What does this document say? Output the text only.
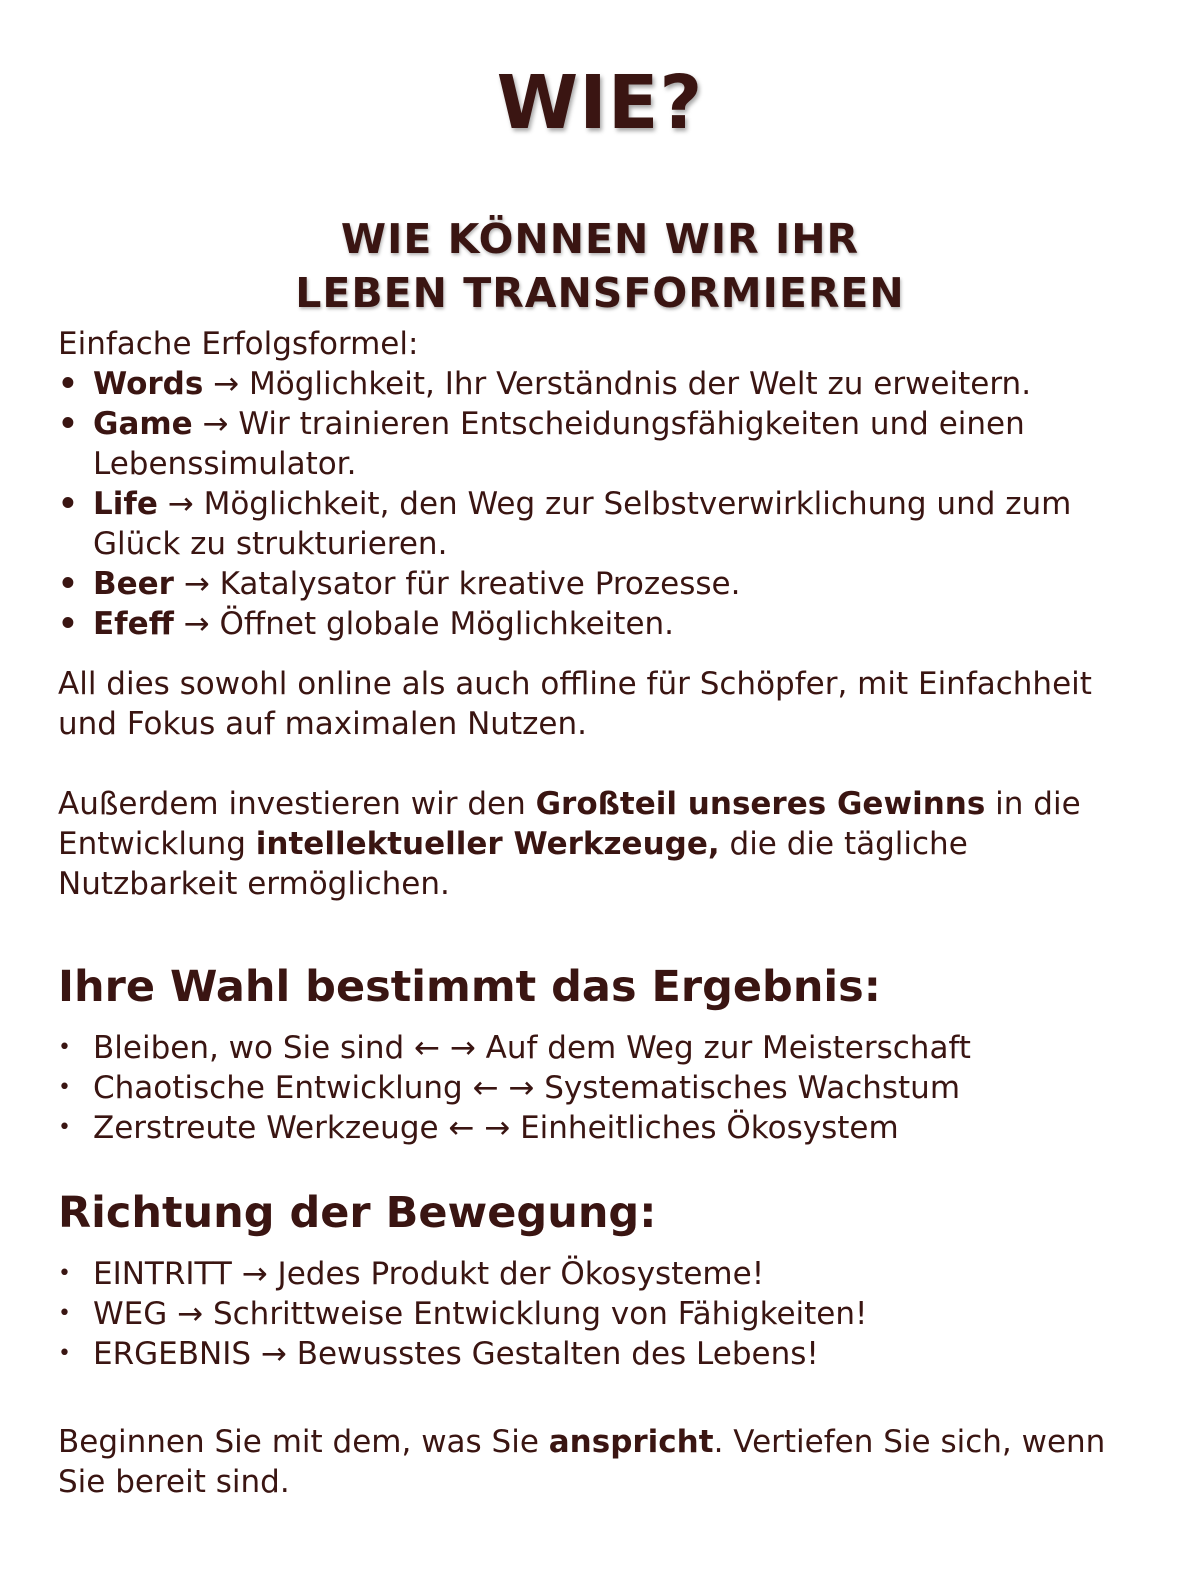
WIE?
WIE KÖNNEN WIR IHR
LEBEN TRANSFORMIEREN

Einfache Erfolgsformel:

• Words → Möglichkeit, Ihr Verständnis der Welt zu erweitern.
• Game → Wir trainieren Entscheidungsfähigkeiten und einen Lebenssimulator.
• Life → Möglichkeit, den Weg zur Selbstverwirklichung und zum Glück zu strukturieren.
• Beer → Katalysator für kreative Prozesse.
• Efeff → Öffnet globale Möglichkeiten.

All dies sowohl online als auch offline für Schöpfer, mit Einfachheit und Fokus auf maximalen Nutzen.

Außerdem investieren wir den Großteil unseres Gewinns in die Entwicklung intellektueller Werkzeuge, die die tägliche Nutzbarkeit ermöglichen.

Ihre Wahl bestimmt das Ergebnis:
• Bleiben, wo Sie sind ← → Auf dem Weg zur Meisterschaft
• Chaotische Entwicklung ← → Systematisches Wachstum
• Zerstreute Werkzeuge ← → Einheitliches Ökosystem
Richtung der Bewegung:
• EINTRITT → Jedes Produkt der Ökosysteme!
• WEG → Schrittweise Entwicklung von Fähigkeiten!
• ERGEBNIS → Bewusstes Gestalten des Lebens!

Beginnen Sie mit dem, was Sie anspricht. Vertiefen Sie sich, wenn Sie bereit sind.
